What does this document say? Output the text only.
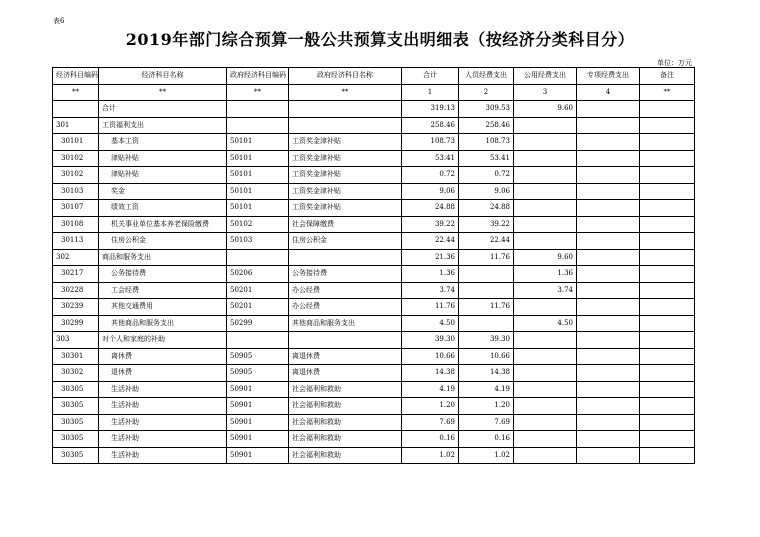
表6
2019年部门综合预算一般公共预算支出明细表（按经济分类科目分）
单位：万元
经济科目编码	经济科目名称	政府经济科目编码	政府经济科目名称	合计	人员经费支出	公用经费支出	专项经费支出	备注
**	**	**	**	1	2	3	4	**
	合计			319.13	309.53	9.60		
301	工资福利支出			258.46	258.46			
30101	基本工资	50101	工资奖金津补贴	108.73	108.73			
30102	津贴补贴	50101	工资奖金津补贴	53.41	53.41			
30102	津贴补贴	50101	工资奖金津补贴	0.72	0.72			
30103	奖金	50101	工资奖金津补贴	9.06	9.06			
30107	绩效工资	50101	工资奖金津补贴	24.88	24.88			
30108	机关事业单位基本养老保险缴费	50102	社会保障缴费	39.22	39.22			
30113	住房公积金	50103	住房公积金	22.44	22.44			
302	商品和服务支出			21.36	11.76	9.60		
30217	公务接待费	50206	公务接待费	1.36		1.36		
30228	工会经费	50201	办公经费	3.74		3.74		
30239	其他交通费用	50201	办公经费	11.76	11.76			
30299	其他商品和服务支出	50299	其他商品和服务支出	4.50		4.50		
303	对个人和家庭的补助			39.30	39.30			
30301	离休费	50905	离退休费	10.66	10.66			
30302	退休费	50905	离退休费	14.38	14.38			
30305	生活补助	50901	社会福利和救助	4.19	4.19			
30305	生活补助	50901	社会福利和救助	1.20	1.20			
30305	生活补助	50901	社会福利和救助	7.69	7.69			
30305	生活补助	50901	社会福利和救助	0.16	0.16			
30305	生活补助	50901	社会福利和救助	1.02	1.02			
